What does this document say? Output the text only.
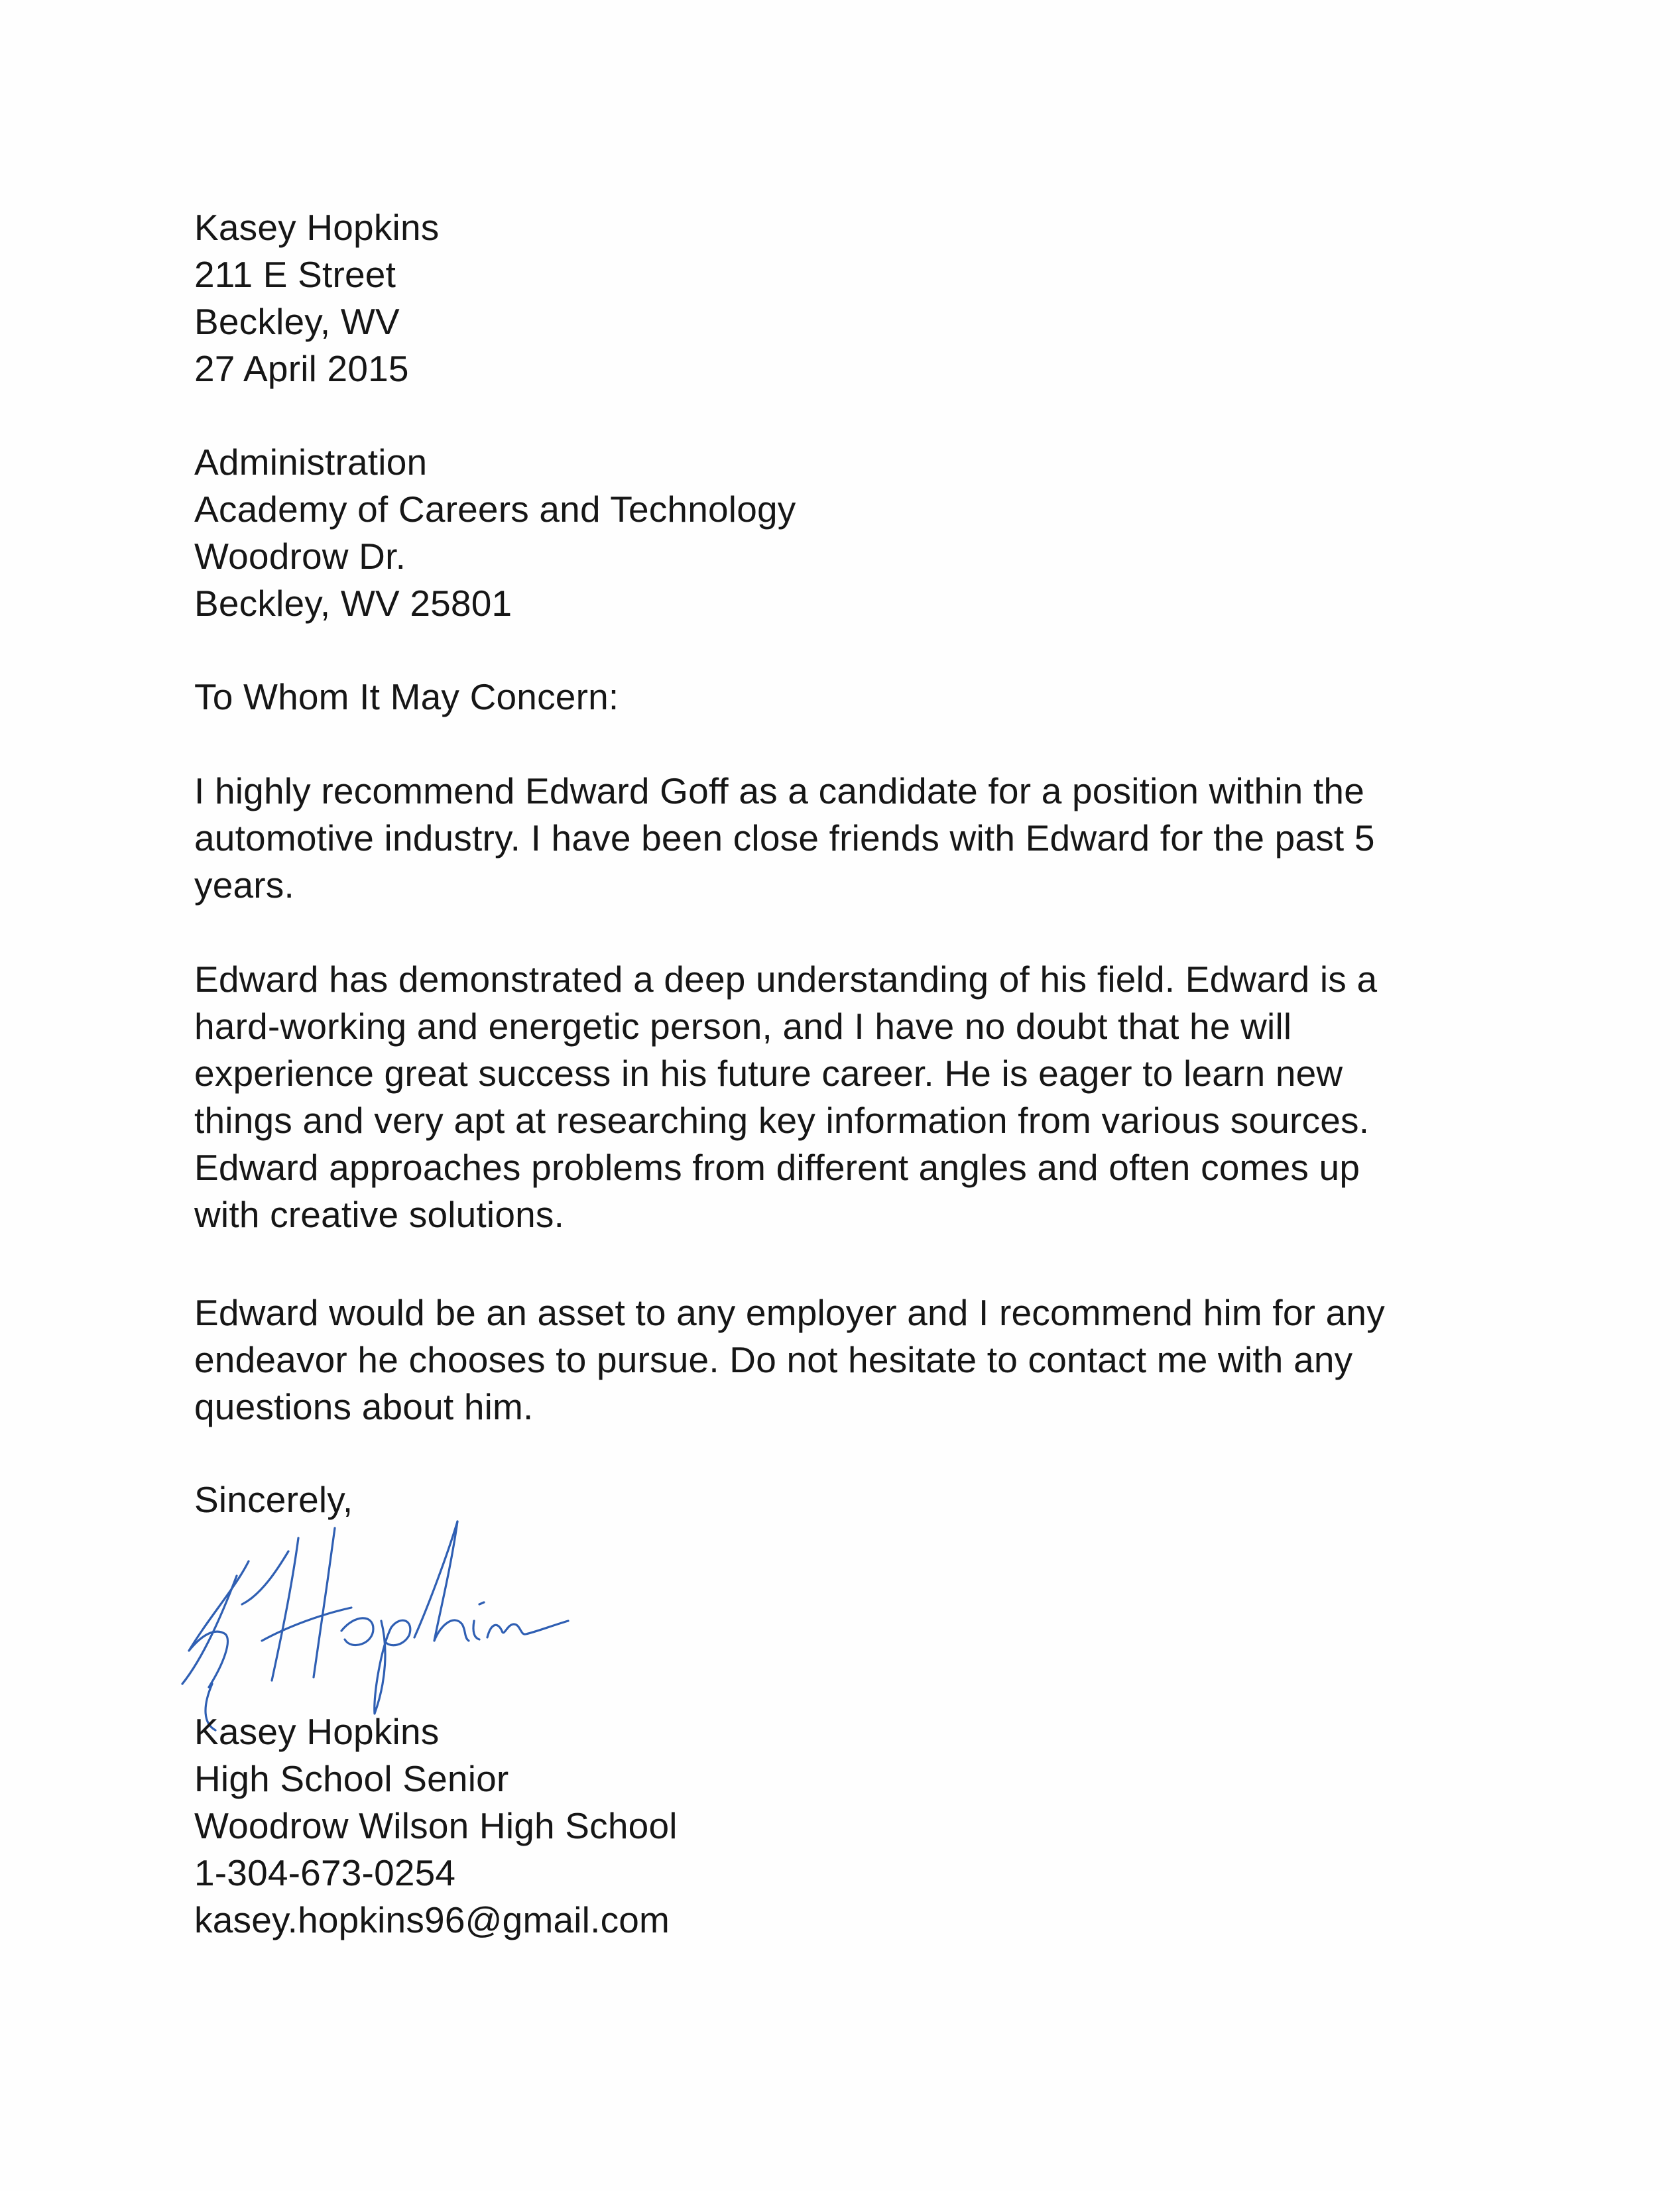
Kasey Hopkins
211 E Street
Beckley, WV
27 April 2015
Administration
Academy of Careers and Technology
Woodrow Dr.
Beckley, WV 25801
To Whom It May Concern:
I highly recommend Edward Goff as a candidate for a position within the
automotive industry. I have been close friends with Edward for the past 5
years.
Edward has demonstrated a deep understanding of his field. Edward is a
hard-working and energetic person, and I have no doubt that he will
experience great success in his future career. He is eager to learn new
things and very apt at researching key information from various sources.
Edward approaches problems from different angles and often comes up
with creative solutions.
Edward would be an asset to any employer and I recommend him for any
endeavor he chooses to pursue. Do not hesitate to contact me with any
questions about him.
Sincerely,
Kasey Hopkins
High School Senior
Woodrow Wilson High School
1-304-673-0254
kasey.hopkins96@gmail.com
